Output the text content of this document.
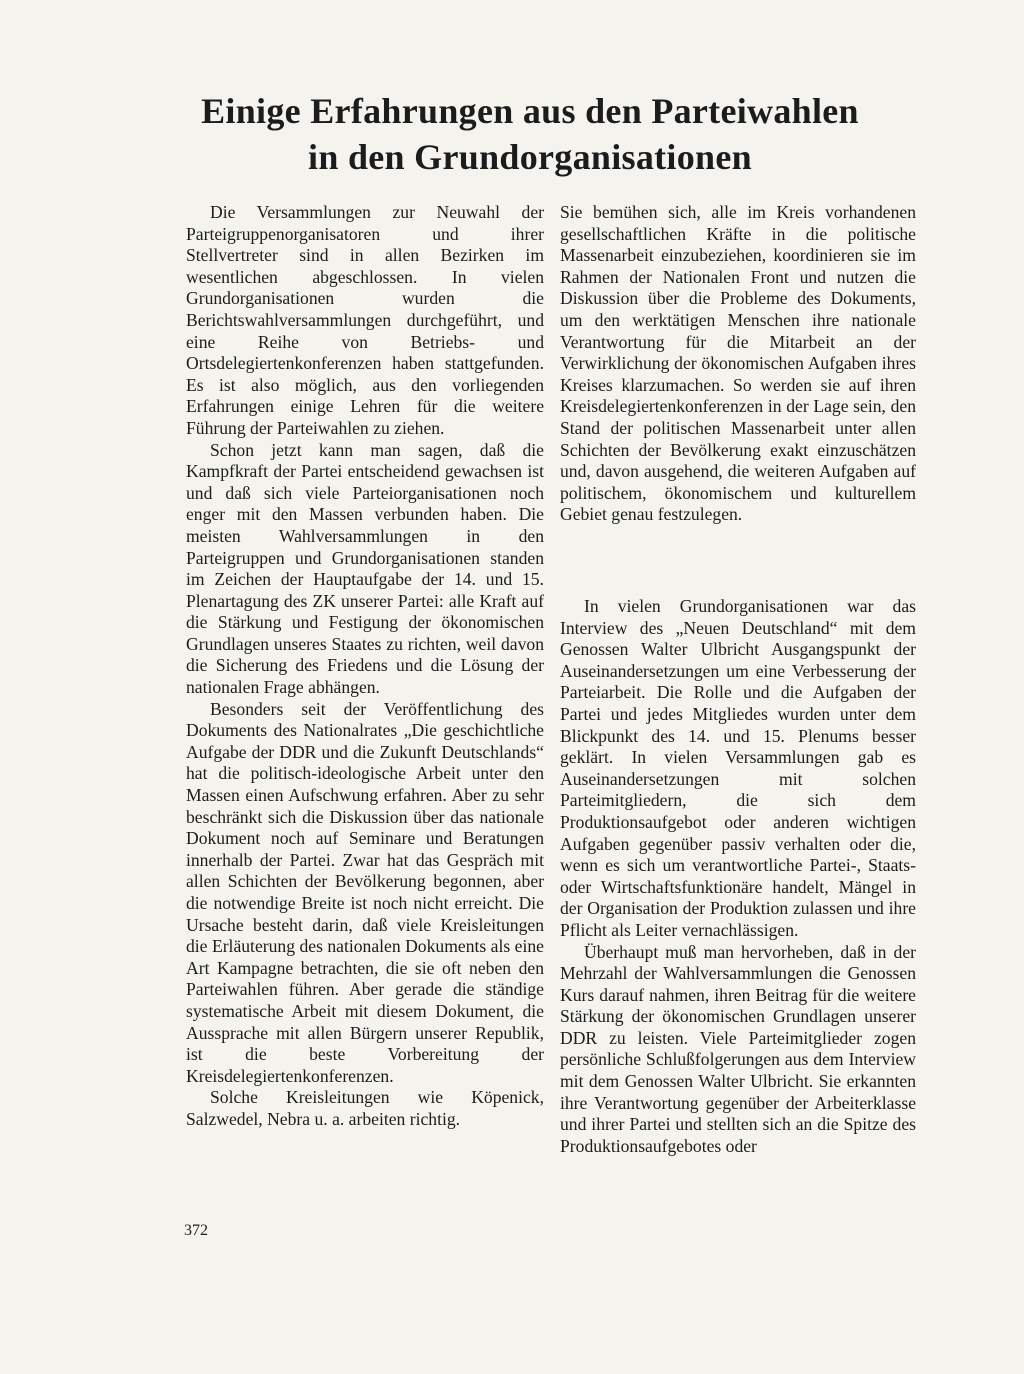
Einige Erfahrungen aus den Parteiwahlen
in den Grundorganisationen

Die Versammlungen zur Neuwahl der Parteigruppenorganisatoren und ihrer Stellvertreter sind in allen Bezirken im wesentlichen abgeschlossen. In vielen Grundorganisationen wurden die Berichtswahlversammlungen durchgeführt, und eine Reihe von Betriebs- und Ortsdelegiertenkonferenzen haben stattgefunden. Es ist also möglich, aus den vorliegenden Erfahrungen einige Lehren für die weitere Führung der Parteiwahlen zu ziehen.

Schon jetzt kann man sagen, daß die Kampfkraft der Partei entscheidend gewachsen ist und daß sich viele Parteiorganisationen noch enger mit den Massen verbunden haben. Die meisten Wahlversammlungen in den Parteigruppen und Grundorganisationen standen im Zeichen der Hauptaufgabe der 14. und 15. Plenartagung des ZK unserer Partei: alle Kraft auf die Stärkung und Festigung der ökonomischen Grundlagen unseres Staates zu richten, weil davon die Sicherung des Friedens und die Lösung der nationalen Frage abhängen.

Besonders seit der Veröffentlichung des Dokuments des Nationalrates „Die geschichtliche Aufgabe der DDR und die Zukunft Deutschlands“ hat die politisch-ideologische Arbeit unter den Massen einen Aufschwung erfahren. Aber zu sehr beschränkt sich die Diskussion über das nationale Dokument noch auf Seminare und Beratungen innerhalb der Partei. Zwar hat das Gespräch mit allen Schichten der Bevölkerung begonnen, aber die notwendige Breite ist noch nicht erreicht. Die Ursache besteht darin, daß viele Kreisleitungen die Erläuterung des nationalen Dokuments als eine Art Kampagne betrachten, die sie oft neben den Parteiwahlen führen. Aber gerade die ständige systematische Arbeit mit diesem Dokument, die Aussprache mit allen Bürgern unserer Republik, ist die beste Vorbereitung der Kreisdelegiertenkonferenzen.

Solche Kreisleitungen wie Köpenick, Salzwedel, Nebra u. a. arbeiten richtig.

Sie bemühen sich, alle im Kreis vorhandenen gesellschaftlichen Kräfte in die politische Massenarbeit einzubeziehen, koordinieren sie im Rahmen der Nationalen Front und nutzen die Diskussion über die Probleme des Dokuments, um den werktätigen Menschen ihre nationale Verantwortung für die Mitarbeit an der Verwirklichung der ökonomischen Aufgaben ihres Kreises klarzumachen. So werden sie auf ihren Kreisdelegiertenkonferenzen in der Lage sein, den Stand der politischen Massenarbeit unter allen Schichten der Bevölkerung exakt einzuschätzen und, davon ausgehend, die weiteren Aufgaben auf politischem, ökonomischem und kulturellem Gebiet genau festzulegen.

In vielen Grundorganisationen war das Interview des „Neuen Deutschland“ mit dem Genossen Walter Ulbricht Ausgangspunkt der Auseinandersetzungen um eine Verbesserung der Parteiarbeit. Die Rolle und die Aufgaben der Partei und jedes Mitgliedes wurden unter dem Blickpunkt des 14. und 15. Plenums besser geklärt. In vielen Versammlungen gab es Auseinandersetzungen mit solchen Parteimitgliedern, die sich dem Produktionsaufgebot oder anderen wichtigen Aufgaben gegenüber passiv verhalten oder die, wenn es sich um verantwortliche Partei-, Staats- oder Wirtschaftsfunktionäre handelt, Mängel in der Organisation der Produktion zulassen und ihre Pflicht als Leiter vernachlässigen.

Überhaupt muß man hervorheben, daß in der Mehrzahl der Wahlversammlungen die Genossen Kurs darauf nahmen, ihren Beitrag für die weitere Stärkung der ökonomischen Grundlagen unserer DDR zu leisten. Viele Parteimitglieder zogen persönliche Schlußfolgerungen aus dem Interview mit dem Genossen Walter Ulbricht. Sie erkannten ihre Verantwortung gegenüber der Arbeiterklasse und ihrer Partei und stellten sich an die Spitze des Produktionsaufgebotes oder

372
